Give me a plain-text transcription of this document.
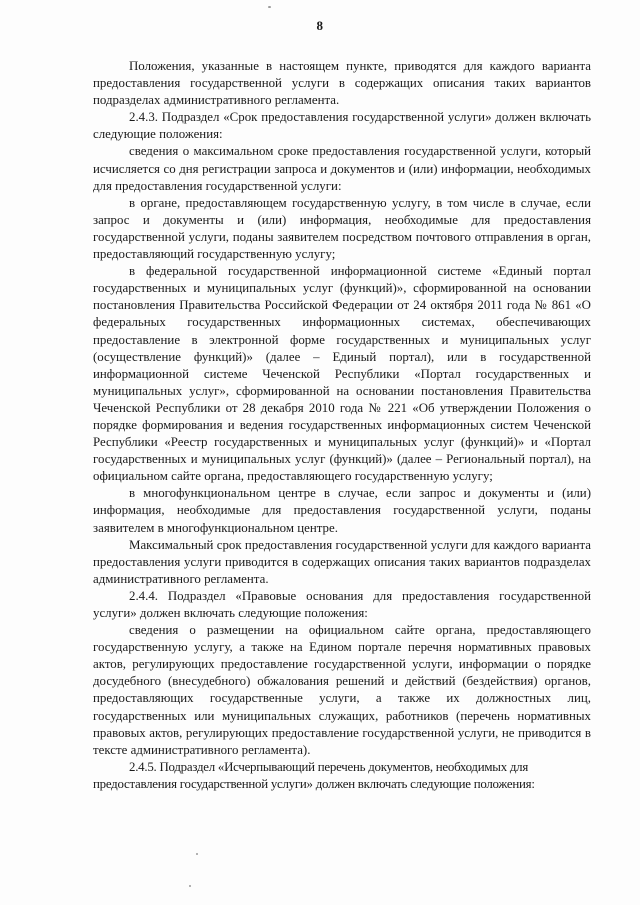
8

Положения, указанные в настоящем пункте, приводятся для каждого варианта предоставления государственной услуги в содержащих описания таких вариантов подразделах административного регламента.

2.4.3. Подраздел «Срок предоставления государственной услуги» должен включать следующие положения:

сведения о максимальном сроке предоставления государственной услуги, который исчисляется со дня регистрации запроса и документов и (или) информации, необходимых для предоставления государственной услуги:

в органе, предоставляющем государственную услугу, в том числе в случае, если запрос и документы и (или) информация, необходимые для предоставления государственной услуги, поданы заявителем посредством почтового отправления в орган, предоставляющий государственную услугу;

в федеральной государственной информационной системе «Единый портал государственных и муниципальных услуг (функций)», сформированной на основании постановления Правительства Российской Федерации от 24 октября 2011 года № 861 «О федеральных государственных информационных системах, обеспечивающих предоставление в электронной форме государственных и муниципальных услуг (осуществление функций)» (далее – Единый портал), или в государственной информационной системе Чеченской Республики «Портал государственных и муниципальных услуг», сформированной на основании постановления Правительства Чеченской Республики от 28 декабря 2010 года № 221 «Об утверждении Положения о порядке формирования и ведения государственных информационных систем Чеченской Республики «Реестр государственных и муниципальных услуг (функций)» и «Портал государственных и муниципальных услуг (функций)» (далее – Региональный портал), на официальном сайте органа, предоставляющего государственную услугу;

в многофункциональном центре в случае, если запрос и документы и (или) информация, необходимые для предоставления государственной услуги, поданы заявителем в многофункциональном центре.

Максимальный срок предоставления государственной услуги для каждого варианта предоставления услуги приводится в содержащих описания таких вариантов подразделах административного регламента.

2.4.4. Подраздел «Правовые основания для предоставления государственной услуги» должен включать следующие положения:

сведения о размещении на официальном сайте органа, предоставляющего государственную услугу, а также на Едином портале перечня нормативных правовых актов, регулирующих предоставление государственной услуги, информации о порядке досудебного (внесудебного) обжалования решений и действий (бездействия) органов, предоставляющих государственные услуги, а также их должностных лиц, государственных или муниципальных служащих, работников (перечень нормативных правовых актов, регулирующих предоставление государственной услуги, не приводится в тексте административного регламента).

2.4.5. Подраздел «Исчерпывающий перечень документов, необходимых для предоставления государственной услуги» должен включать следующие положения:
